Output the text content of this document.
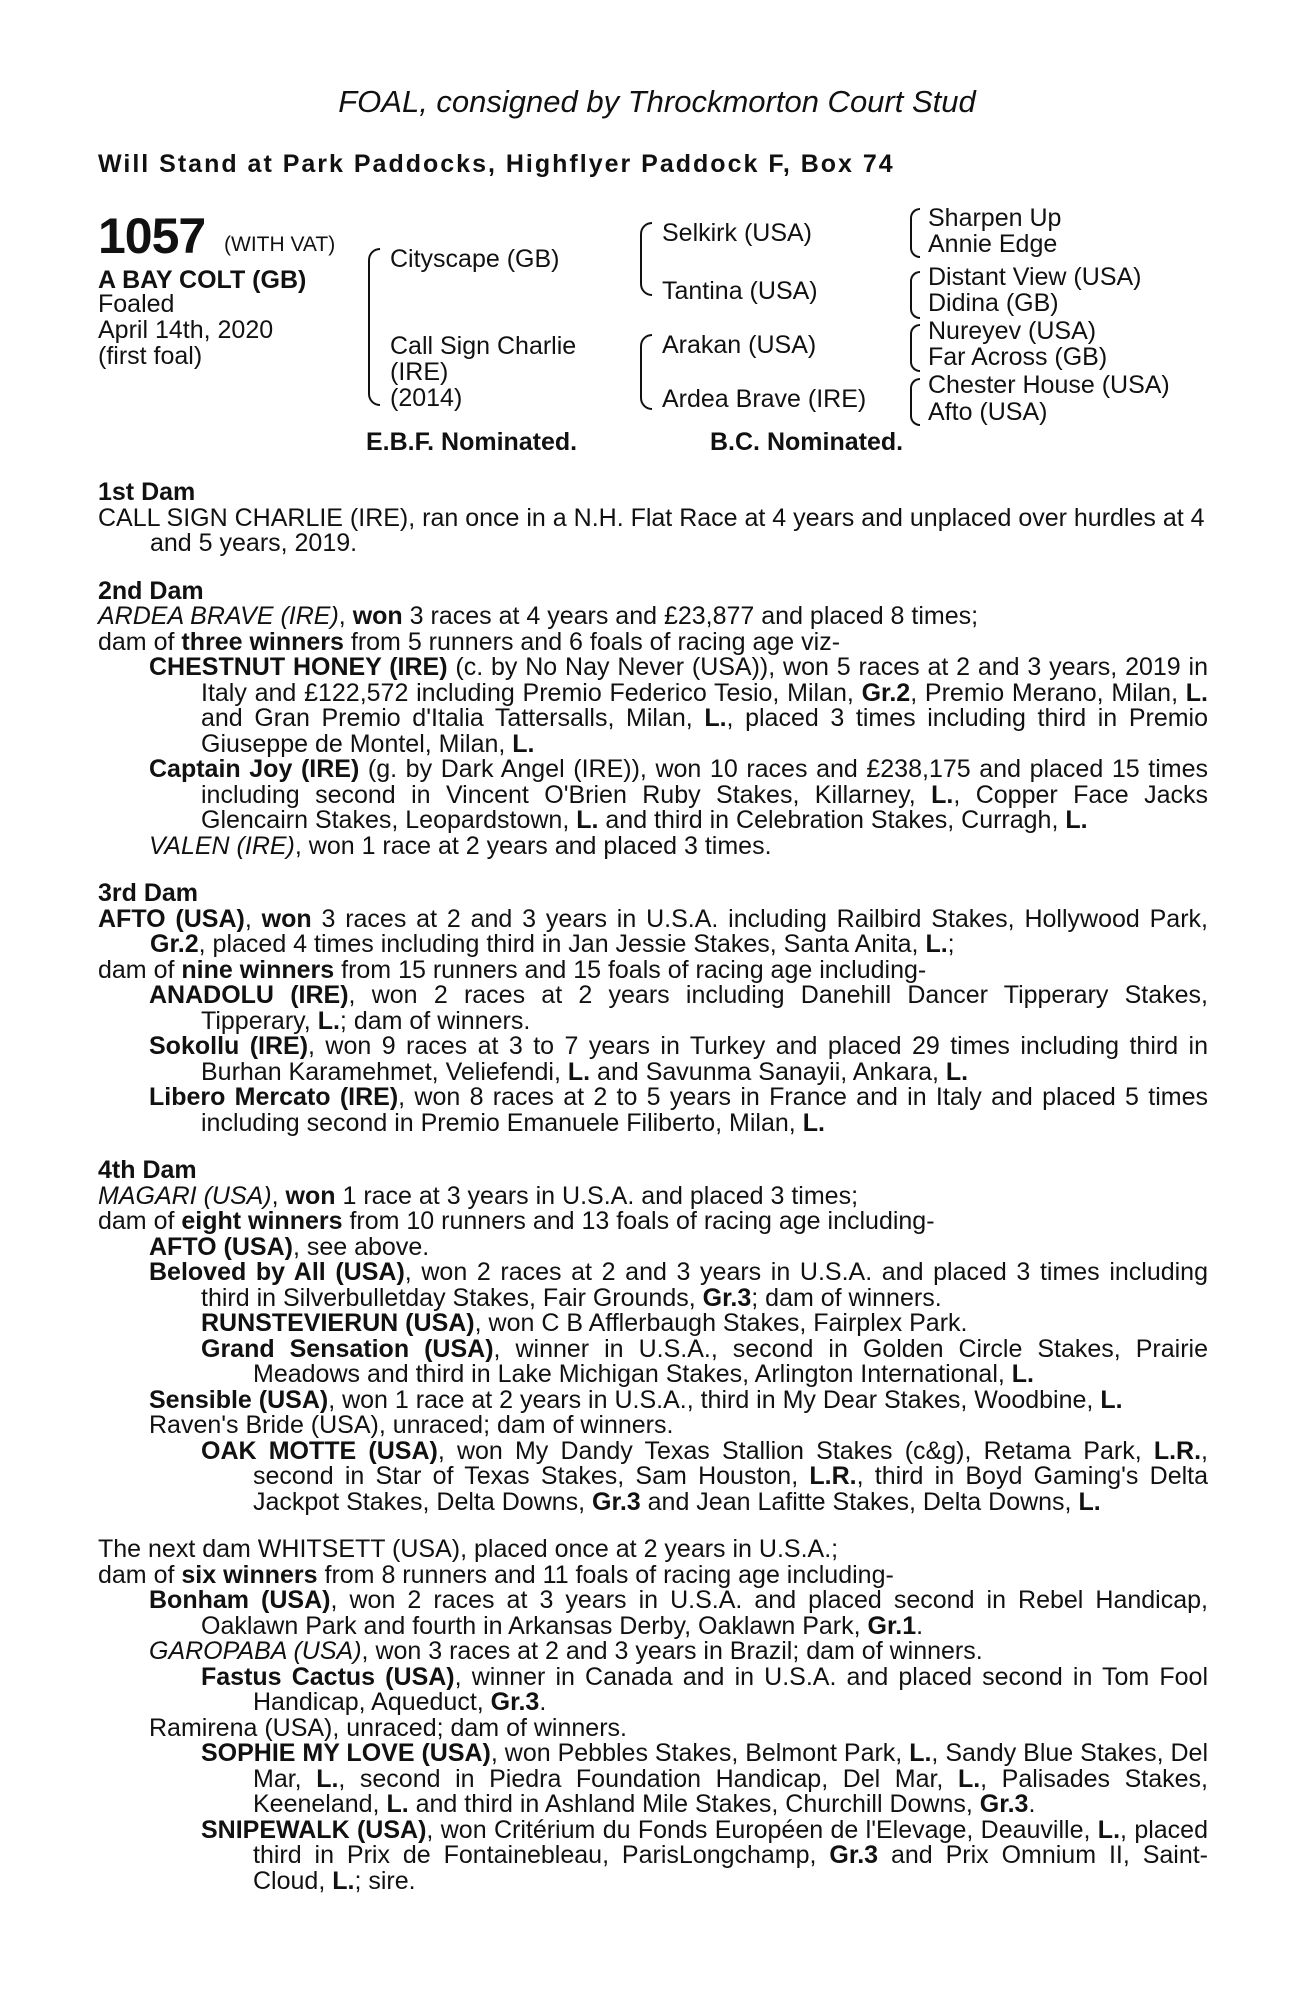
FOAL, consigned by Throckmorton Court Stud
Will Stand at Park Paddocks, Highflyer Paddock F, Box 74
1057 (WITH VAT)
A BAY COLT (GB)
Foaled
April 14th, 2020
(first foal)
Cityscape (GB)
Call Sign Charlie
(IRE)
(2014)
Selkirk (USA)
Tantina (USA)
Arakan (USA)
Ardea Brave (IRE)
Sharpen Up
Annie Edge
Distant View (USA)
Didina (GB)
Nureyev (USA)
Far Across (GB)
Chester House (USA)
Afto (USA)
E.B.F. Nominated.	B.C. Nominated.
1st Dam
CALL SIGN CHARLIE (IRE), ran once in a N.H. Flat Race at 4 years and unplaced over hurdles at 4 and 5 years, 2019.
2nd Dam
ARDEA BRAVE (IRE), won 3 races at 4 years and £23,877 and placed 8 times;
dam of three winners from 5 runners and 6 foals of racing age viz-
CHESTNUT HONEY (IRE) (c. by No Nay Never (USA)), won 5 races at 2 and 3 years, 2019 in Italy and £122,572 including Premio Federico Tesio, Milan, Gr.2, Premio Merano, Milan, L. and Gran Premio d'Italia Tattersalls, Milan, L., placed 3 times including third in Premio Giuseppe de Montel, Milan, L.
Captain Joy (IRE) (g. by Dark Angel (IRE)), won 10 races and £238,175 and placed 15 times including second in Vincent O'Brien Ruby Stakes, Killarney, L., Copper Face Jacks Glencairn Stakes, Leopardstown, L. and third in Celebration Stakes, Curragh, L.
VALEN (IRE), won 1 race at 2 years and placed 3 times.
3rd Dam
AFTO (USA), won 3 races at 2 and 3 years in U.S.A. including Railbird Stakes, Hollywood Park, Gr.2, placed 4 times including third in Jan Jessie Stakes, Santa Anita, L.;
dam of nine winners from 15 runners and 15 foals of racing age including-
ANADOLU (IRE), won 2 races at 2 years including Danehill Dancer Tipperary Stakes, Tipperary, L.; dam of winners.
Sokollu (IRE), won 9 races at 3 to 7 years in Turkey and placed 29 times including third in Burhan Karamehmet, Veliefendi, L. and Savunma Sanayii, Ankara, L.
Libero Mercato (IRE), won 8 races at 2 to 5 years in France and in Italy and placed 5 times including second in Premio Emanuele Filiberto, Milan, L.
4th Dam
MAGARI (USA), won 1 race at 3 years in U.S.A. and placed 3 times;
dam of eight winners from 10 runners and 13 foals of racing age including-
AFTO (USA), see above.
Beloved by All (USA), won 2 races at 2 and 3 years in U.S.A. and placed 3 times including third in Silverbulletday Stakes, Fair Grounds, Gr.3; dam of winners.
RUNSTEVIERUN (USA), won C B Afflerbaugh Stakes, Fairplex Park.
Grand Sensation (USA), winner in U.S.A., second in Golden Circle Stakes, Prairie Meadows and third in Lake Michigan Stakes, Arlington International, L.
Sensible (USA), won 1 race at 2 years in U.S.A., third in My Dear Stakes, Woodbine, L.
Raven's Bride (USA), unraced; dam of winners.
OAK MOTTE (USA), won My Dandy Texas Stallion Stakes (c&g), Retama Park, L.R., second in Star of Texas Stakes, Sam Houston, L.R., third in Boyd Gaming's Delta Jackpot Stakes, Delta Downs, Gr.3 and Jean Lafitte Stakes, Delta Downs, L.
The next dam WHITSETT (USA), placed once at 2 years in U.S.A.;
dam of six winners from 8 runners and 11 foals of racing age including-
Bonham (USA), won 2 races at 3 years in U.S.A. and placed second in Rebel Handicap, Oaklawn Park and fourth in Arkansas Derby, Oaklawn Park, Gr.1.
GAROPABA (USA), won 3 races at 2 and 3 years in Brazil; dam of winners.
Fastus Cactus (USA), winner in Canada and in U.S.A. and placed second in Tom Fool Handicap, Aqueduct, Gr.3.
Ramirena (USA), unraced; dam of winners.
SOPHIE MY LOVE (USA), won Pebbles Stakes, Belmont Park, L., Sandy Blue Stakes, Del Mar, L., second in Piedra Foundation Handicap, Del Mar, L., Palisades Stakes, Keeneland, L. and third in Ashland Mile Stakes, Churchill Downs, Gr.3.
SNIPEWALK (USA), won Critérium du Fonds Européen de l'Elevage, Deauville, L., placed third in Prix de Fontainebleau, ParisLongchamp, Gr.3 and Prix Omnium II, Saint-Cloud, L.; sire.
